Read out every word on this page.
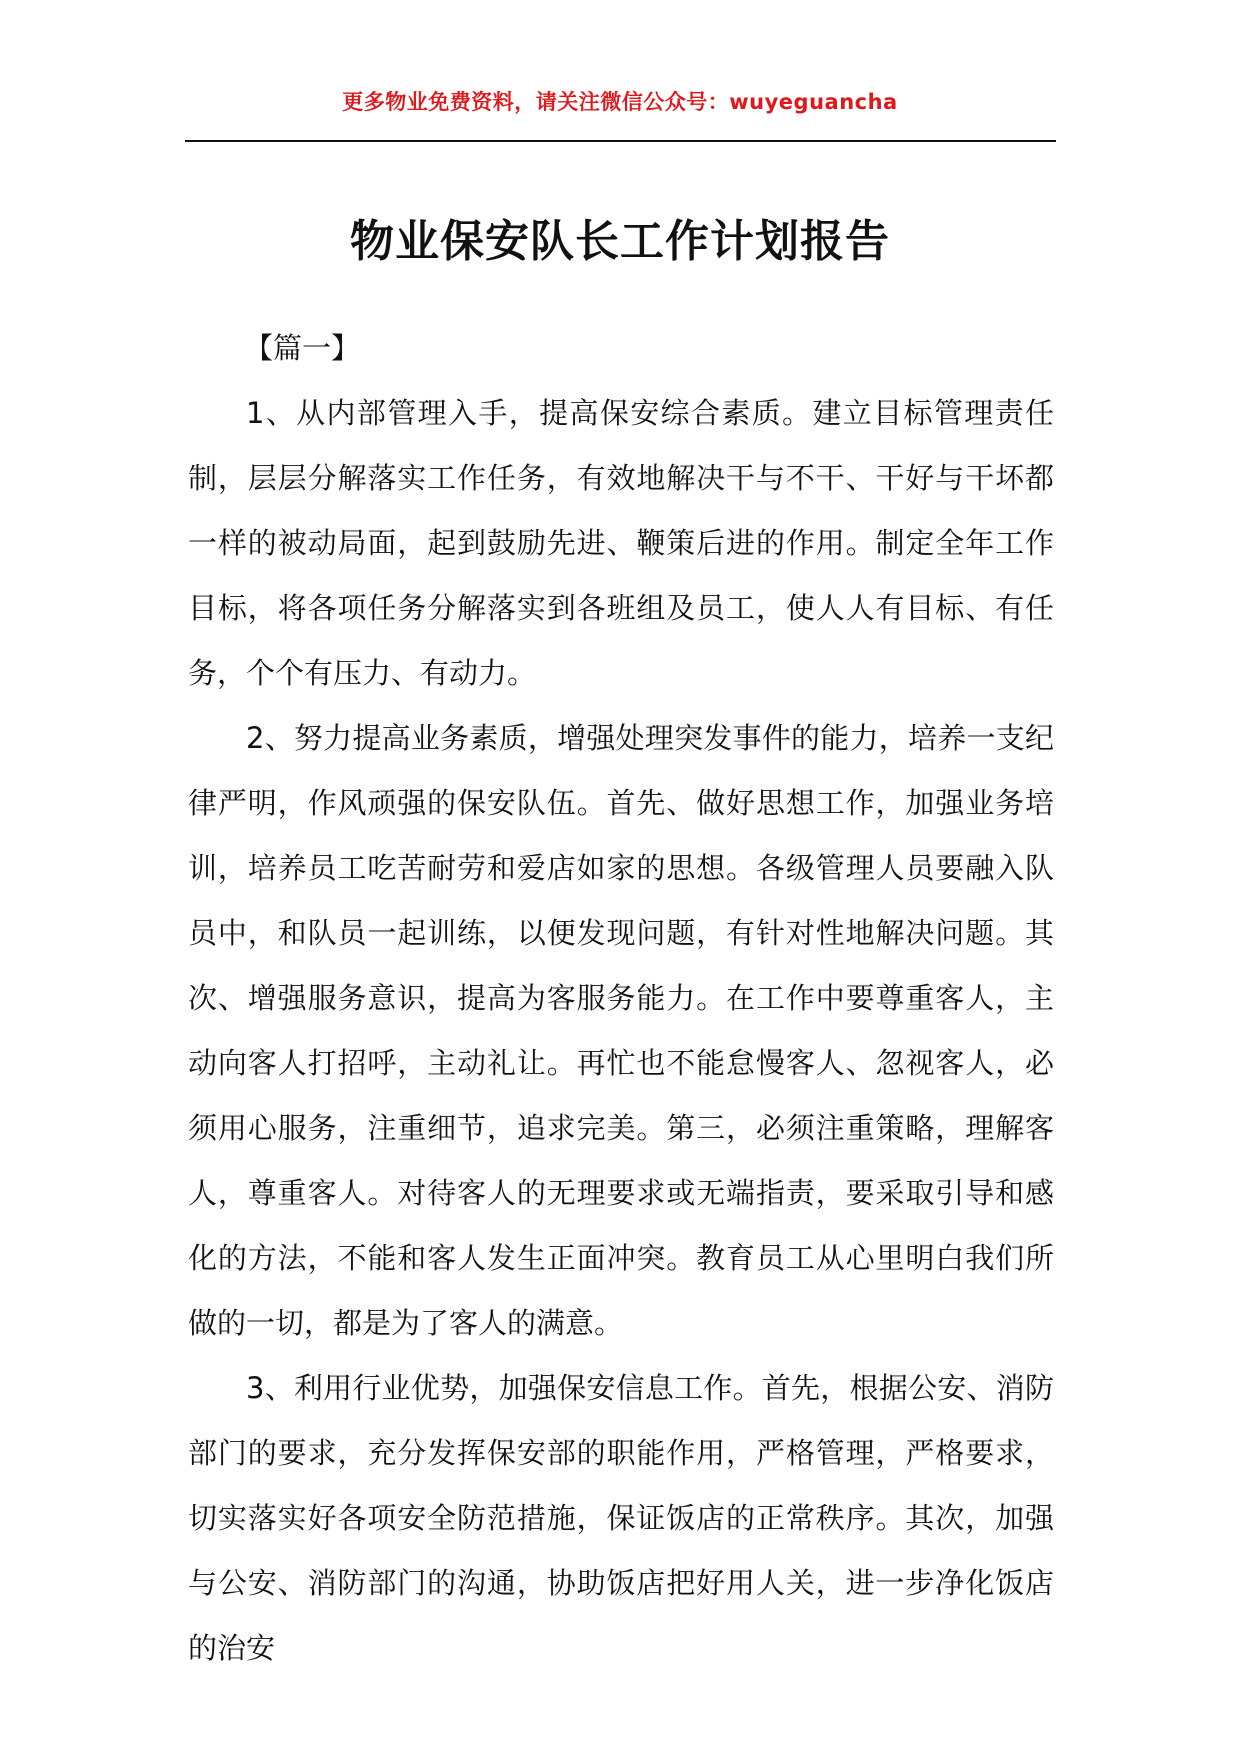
更多物业免费资料，请关注微信公众号：wuyeguancha
物业保安队长工作计划报告

【篇一】

1、从内部管理入手，提高保安综合素质。建立目标管理责任制，层层分解落实工作任务，有效地解决干与不干、干好与干坏都一样的被动局面，起到鼓励先进、鞭策后进的作用。制定全年工作目标，将各项任务分解落实到各班组及员工，使人人有目标、有任务，个个有压力、有动力。

2、努力提高业务素质，增强处理突发事件的能力，培养一支纪律严明，作风顽强的保安队伍。首先、做好思想工作，加强业务培训，培养员工吃苦耐劳和爱店如家的思想。各级管理人员要融入队员中，和队员一起训练，以便发现问题，有针对性地解决问题。其次、增强服务意识，提高为客服务能力。在工作中要尊重客人，主动向客人打招呼，主动礼让。再忙也不能怠慢客人、忽视客人，必须用心服务，注重细节，追求完美。第三，必须注重策略，理解客人，尊重客人。对待客人的无理要求或无端指责，要采取引导和感化的方法，不能和客人发生正面冲突。教育员工从心里明白我们所做的一切，都是为了客人的满意。

3、利用行业优势，加强保安信息工作。首先，根据公安、消防部门的要求，充分发挥保安部的职能作用，严格管理，严格要求，切实落实好各项安全防范措施，保证饭店的正常秩序。其次，加强与公安、消防部门的沟通，协助饭店把好用人关，进一步净化饭店的治安
